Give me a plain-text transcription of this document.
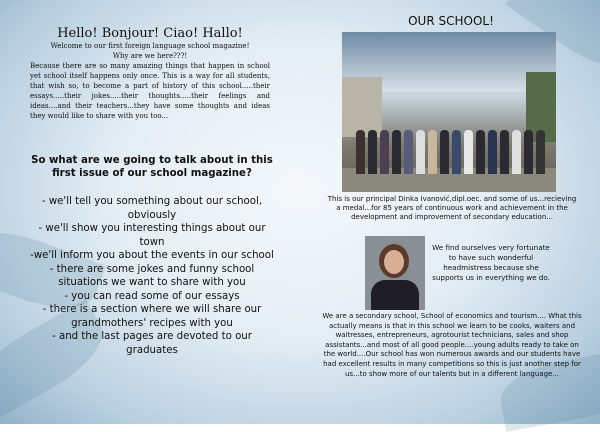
Hello! Bonjour! Ciao! Hallo!

Welcome to our first foreign language school magazine!

Why are we here???!

Because there are so many amazing things that happen in school yet school itself happens only once. This is a way for all students, that wish so, to become a part of history of this school.....their essays.....their jokes.....their thoughts.....their feelings and ideas....and their teachers...they have some thoughts and ideas they would like to share with you too...

So what are we going to talk about in this first issue of our school magazine?

- we'll tell you something about our school, obviously
- we'll show you interesting things about our town
-we'll inform you about the events in our school
- there are some jokes and funny school situations we want to share with you
- you can read some of our essays
- there is a section where we will share our grandmothers' recipes with you
- and the last pages are devoted to our graduates

OUR SCHOOL!

This is our principal Dinka Ivanović,dipl.oec. and some of us...recieving a medal...for 85 years of continuous work and achievement in the development and improvement of secondary education...

We find ourselves very fortunate to have such wonderful headmistress because she supports us in everything we do.

We are a secondary school, School of economics and tourism.... What this actually means is that in this school we learn to be cooks, waiters and waitresses, entrepreneurs, agrotourist technicians, sales and shop assistants...and most of all good people....young adults ready to take on the world....Our school has won numerous awards and our students have had excellent results in many competitions so this is just another step for us...to show more of our talents but in a different language...
